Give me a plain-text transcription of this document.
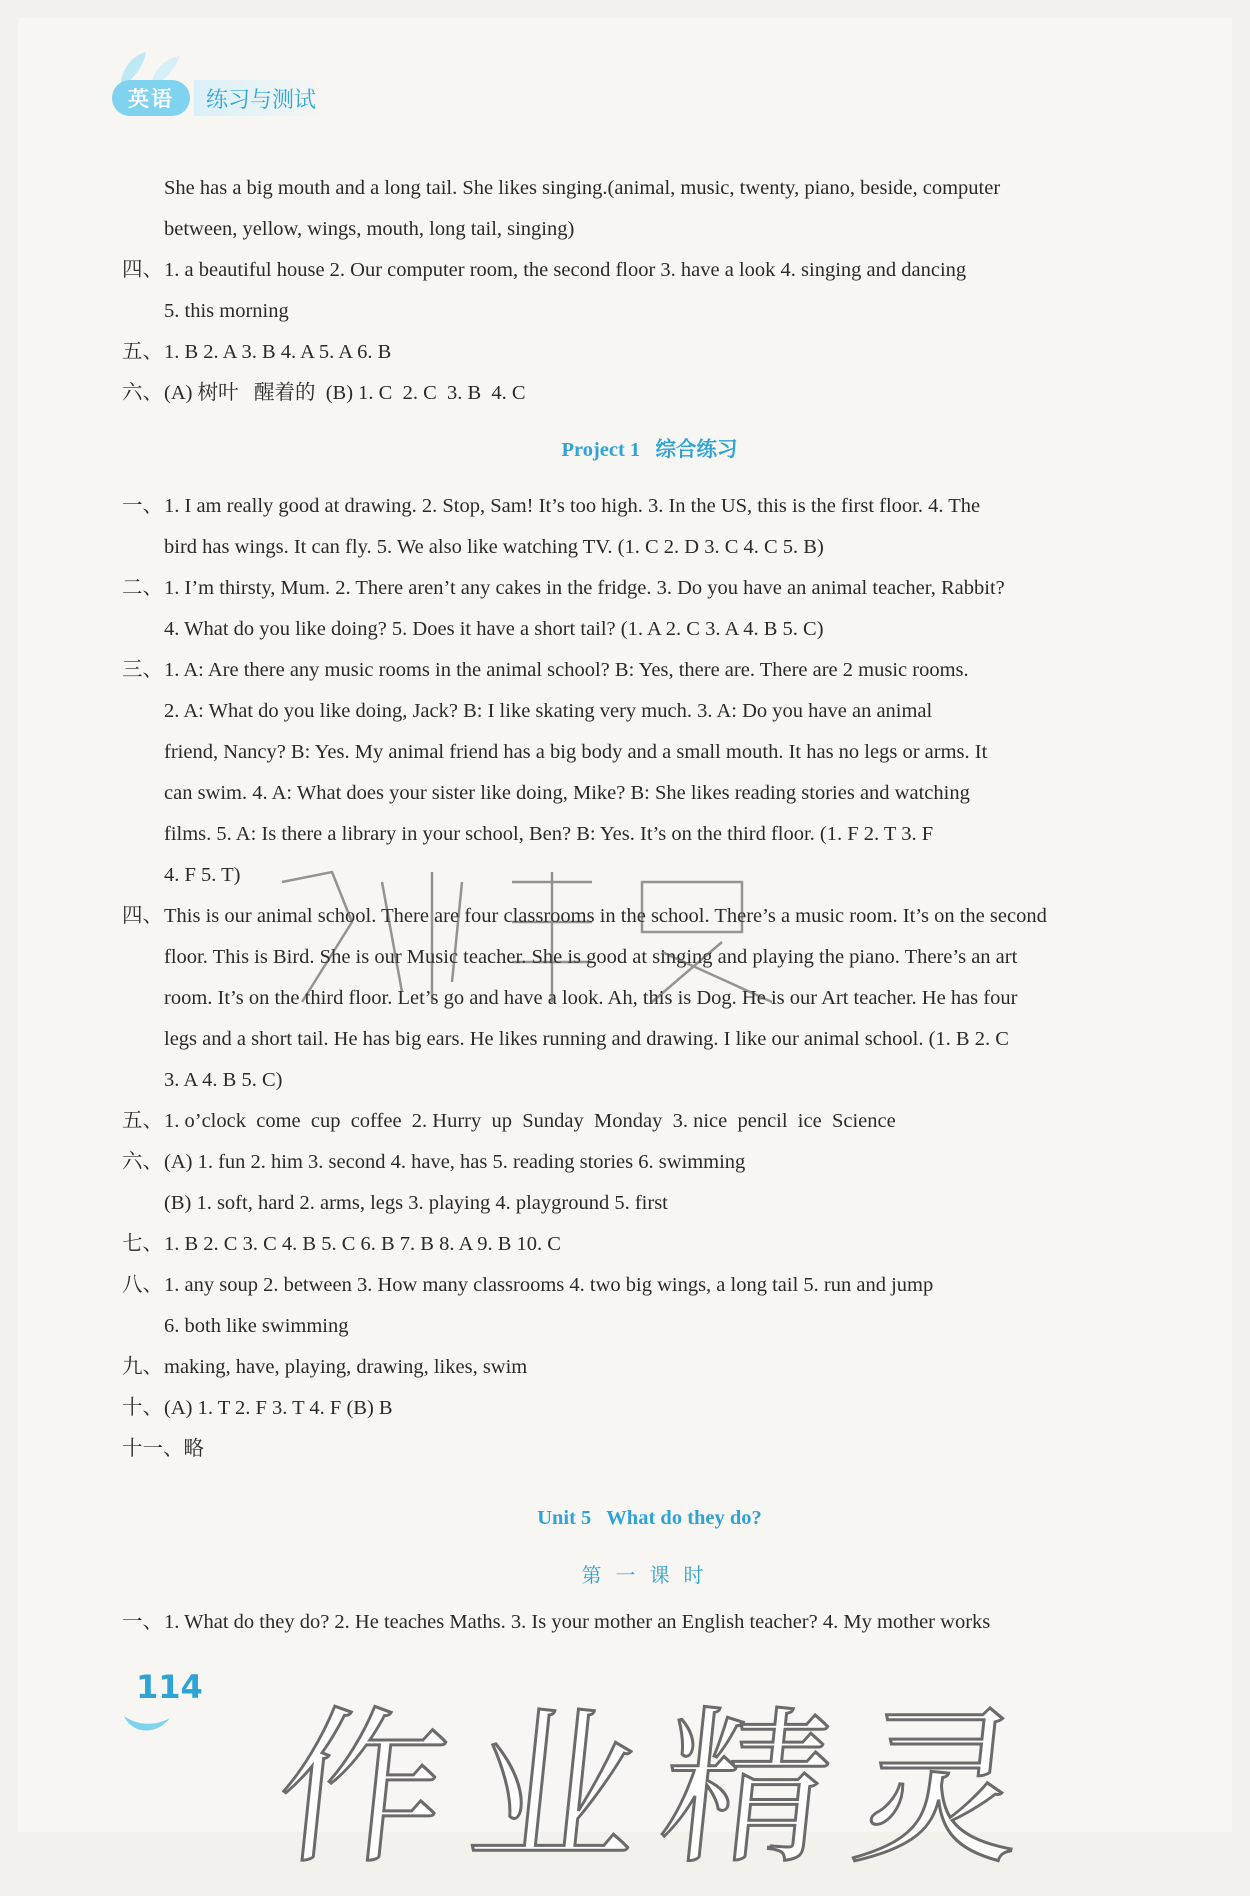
英语	练习与测试
She has a big mouth and a long tail. She likes singing.(animal, music, twenty, piano, beside, computer
between, yellow, wings, mouth, long tail, singing)
四、 1. a beautiful house 2. Our computer room, the second floor 3. have a look 4. singing and dancing
5. this morning
五、 1. B 2. A 3. B 4. A 5. A 6. B
六、 (A) 树叶   醒着的  (B) 1. C  2. C  3. B  4. C
Project 1   综合练习
一、 1. I am really good at drawing. 2. Stop, Sam! It’s too high. 3. In the US, this is the first floor. 4. The
bird has wings. It can fly. 5. We also like watching TV. (1. C 2. D 3. C 4. C 5. B)
二、 1. I’m thirsty, Mum. 2. There aren’t any cakes in the fridge. 3. Do you have an animal teacher, Rabbit?
4. What do you like doing? 5. Does it have a short tail? (1. A 2. C 3. A 4. B 5. C)
三、 1. A: Are there any music rooms in the animal school? B: Yes, there are. There are 2 music rooms.
2. A: What do you like doing, Jack? B: I like skating very much. 3. A: Do you have an animal
friend, Nancy? B: Yes. My animal friend has a big body and a small mouth. It has no legs or arms. It
can swim. 4. A: What does your sister like doing, Mike? B: She likes reading stories and watching
films. 5. A: Is there a library in your school, Ben? B: Yes. It’s on the third floor. (1. F 2. T 3. F
4. F 5. T)
四、 This is our animal school. There are four classrooms in the school. There’s a music room. It’s on the second
floor. This is Bird. She is our Music teacher. She is good at singing and playing the piano. There’s an art
room. It’s on the third floor. Let’s go and have a look. Ah, this is Dog. He is our Art teacher. He has four
legs and a short tail. He has big ears. He likes running and drawing. I like our animal school. (1. B 2. C
3. A 4. B 5. C)
五、 1. o’clock  come  cup  coffee  2. Hurry  up  Sunday  Monday  3. nice  pencil  ice  Science
六、 (A) 1. fun 2. him 3. second 4. have, has 5. reading stories 6. swimming
(B) 1. soft, hard 2. arms, legs 3. playing 4. playground 5. first
七、 1. B 2. C 3. C 4. B 5. C 6. B 7. B 8. A 9. B 10. C
八、 1. any soup 2. between 3. How many classrooms 4. two big wings, a long tail 5. run and jump
6. both like swimming
九、 making, have, playing, drawing, likes, swim
十、 (A) 1. T 2. F 3. T 4. F (B) B
十一、略
Unit 5   What do they do?
第一课时
一、 1. What do they do? 2. He teaches Maths. 3. Is your mother an English teacher? 4. My mother works
114
作业精灵
